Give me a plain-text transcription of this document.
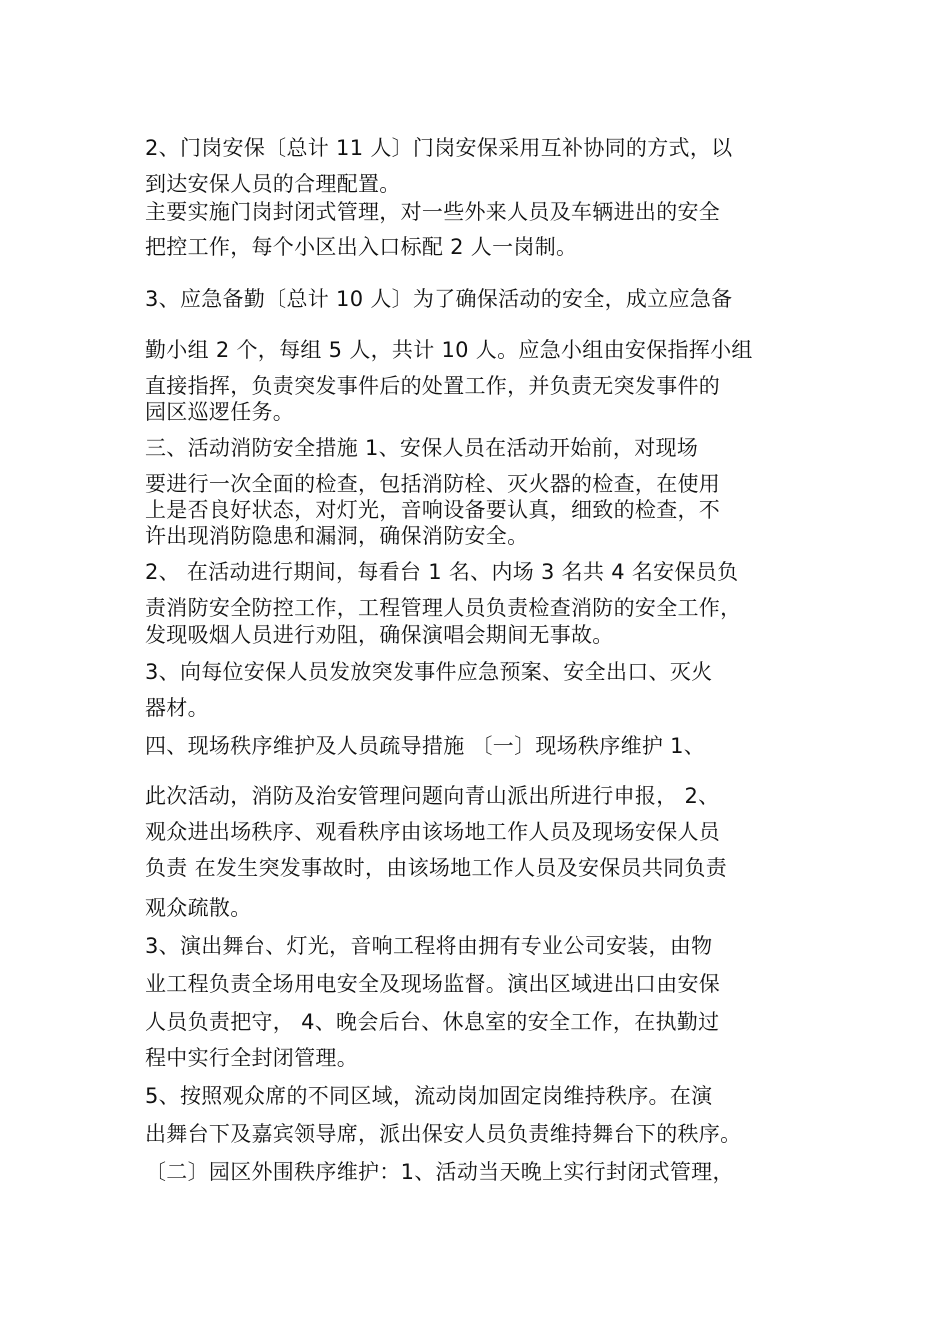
2、门岗安保〔总计 11 人〕门岗安保采用互补协同的方式，以

到达安保人员的合理配置。

主要实施门岗封闭式管理，对一些外来人员及车辆进出的安全

把控工作，每个小区出入口标配 2 人一岗制。

3、应急备勤〔总计 10 人〕为了确保活动的安全，成立应急备

勤小组 2 个，每组 5 人，共计 10 人。应急小组由安保指挥小组

直接指挥，负责突发事件后的处置工作，并负责无突发事件的

园区巡逻任务。

三、活动消防安全措施 1、安保人员在活动开始前，对现场

要进行一次全面的检查，包括消防栓、灭火器的检查，在使用

上是否良好状态，对灯光，音响设备要认真，细致的检查，不

许出现消防隐患和漏洞，确保消防安全。

2、 在活动进行期间，每看台 1 名、内场 3 名共 4 名安保员负

责消防安全防控工作，工程管理人员负责检查消防的安全工作，

发现吸烟人员进行劝阻，确保演唱会期间无事故。

3、向每位安保人员发放突发事件应急预案、安全出口、灭火

器材。

四、现场秩序维护及人员疏导措施 〔一〕现场秩序维护 1、

此次活动，消防及治安管理问题向青山派出所进行申报， 2、

观众进出场秩序、观看秩序由该场地工作人员及现场安保人员

负责 在发生突发事故时，由该场地工作人员及安保员共同负责

观众疏散。

3、演出舞台、灯光，音响工程将由拥有专业公司安装，由物

业工程负责全场用电安全及现场监督。演出区域进出口由安保

人员负责把守， 4、晚会后台、休息室的安全工作，在执勤过

程中实行全封闭管理。

5、按照观众席的不同区域，流动岗加固定岗维持秩序。在演

出舞台下及嘉宾领导席，派出保安人员负责维持舞台下的秩序。

〔二〕园区外围秩序维护：1、活动当天晚上实行封闭式管理，
